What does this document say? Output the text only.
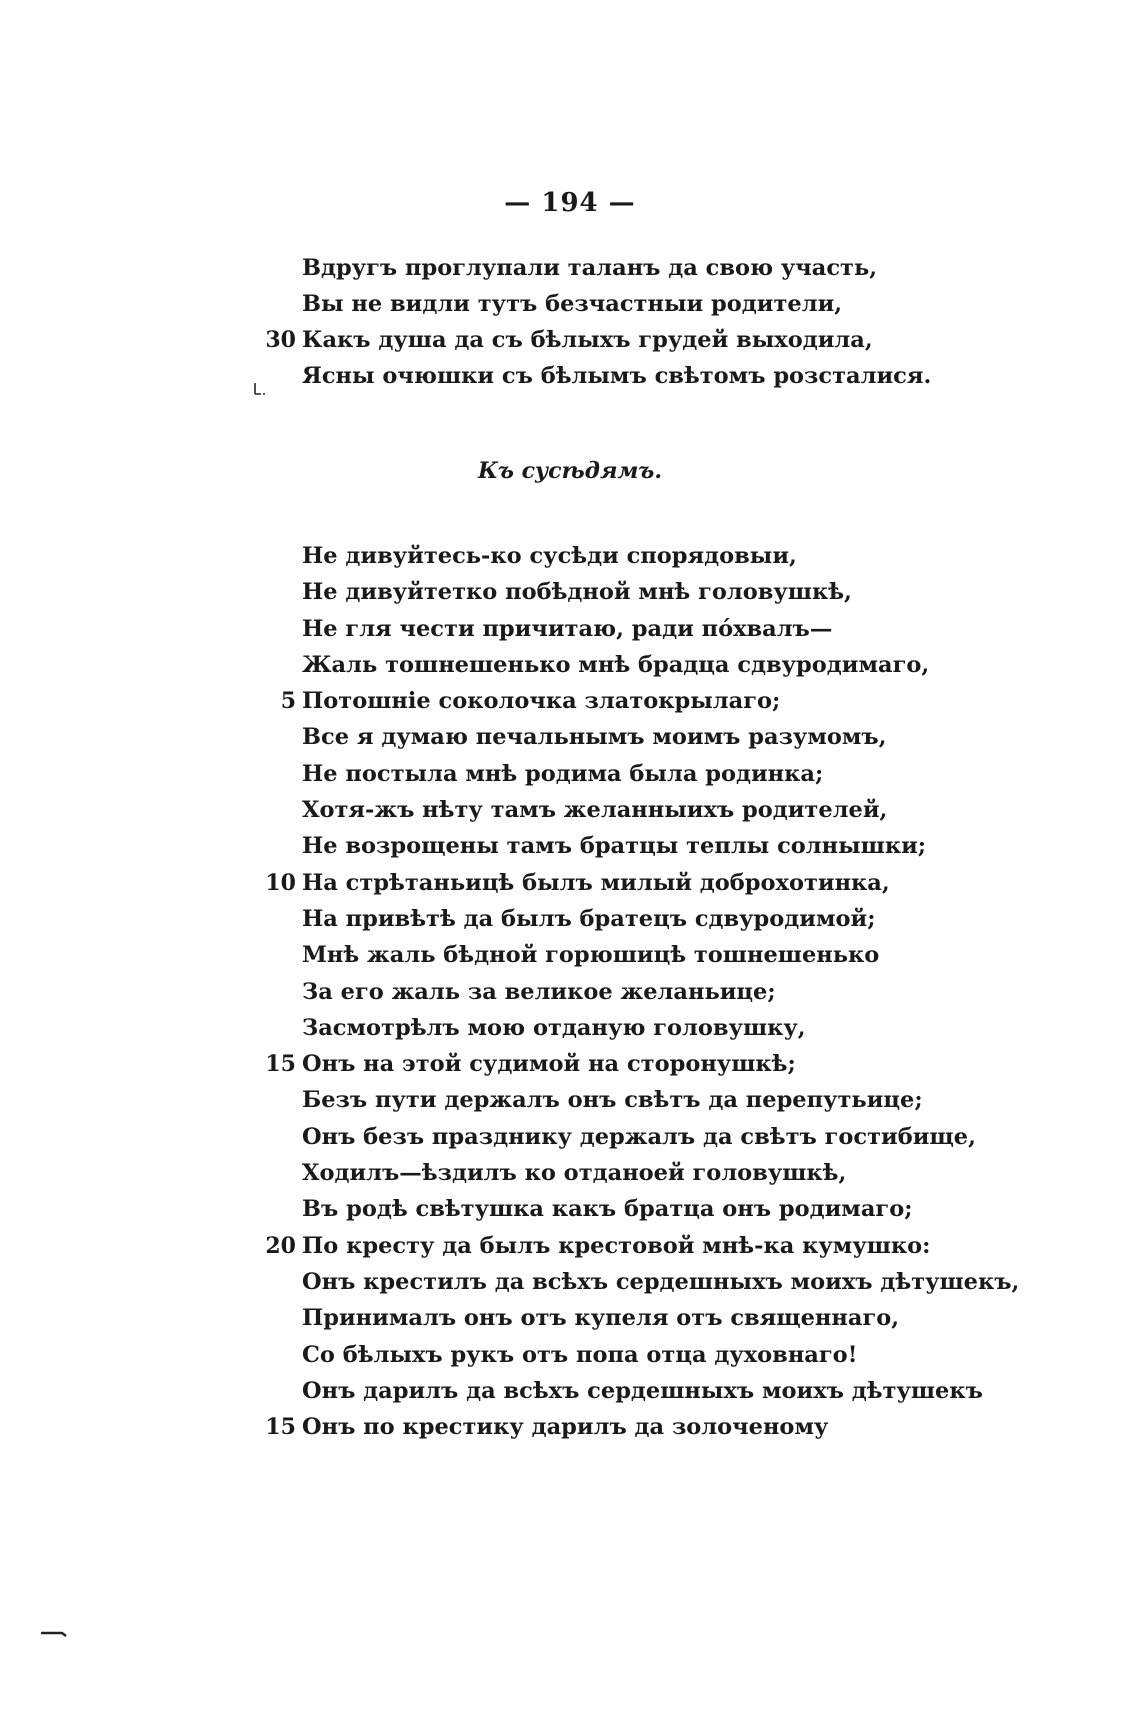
— 194 —
Вдругъ проглупали таланъ да свою участь,
Вы не видли тутъ безчастныи родители,
30 Какъ душа да съ бѣлыхъ грудей выходила,
Ясны очюшки съ бѣлымъ свѣтомъ розсталися.
Къ сусѣдямъ.
Не дивуйтесь-ко сусѣди спорядовыи,
Не дивуйтетко побѣдной мнѣ головушкѣ,
Не гля чести причитаю, ради пóхвалъ—
Жаль тошнешенько мнѣ брадца сдвуродимаго,
5 Потошніе соколочка златокрылаго;
Все я думаю печальнымъ моимъ разумомъ,
Не постыла мнѣ родима была родинка;
Хотя-жъ нѣту тамъ желанныихъ родителей,
Не возрощены тамъ братцы теплы солнышки;
10 На стрѣтаньицѣ былъ милый доброхотинка,
На привѣтѣ да былъ братецъ сдвуродимой;
Мнѣ жаль бѣдной горюшицѣ тошнешенько
За его жаль за великое желаньице;
Засмотрѣлъ мою отданую головушку,
15 Онъ на этой судимой на сторонушкѣ;
Безъ пути держалъ онъ свѣтъ да перепутьице;
Онъ безъ празднику держалъ да свѣтъ гостибище,
Ходилъ—ѣздилъ ко отданоей головушкѣ,
Въ родѣ свѣтушка какъ братца онъ родимаго;
20 По кресту да былъ крестовой мнѣ-ка кумушко:
Онъ крестилъ да всѣхъ сердешныхъ моихъ дѣтушекъ,
Принималъ онъ отъ купеля отъ священнаго,
Со бѣлыхъ рукъ отъ попа отца духовнаго!
Онъ дарилъ да всѣхъ сердешныхъ моихъ дѣтушекъ
15 Онъ по крестику дарилъ да золоченому
